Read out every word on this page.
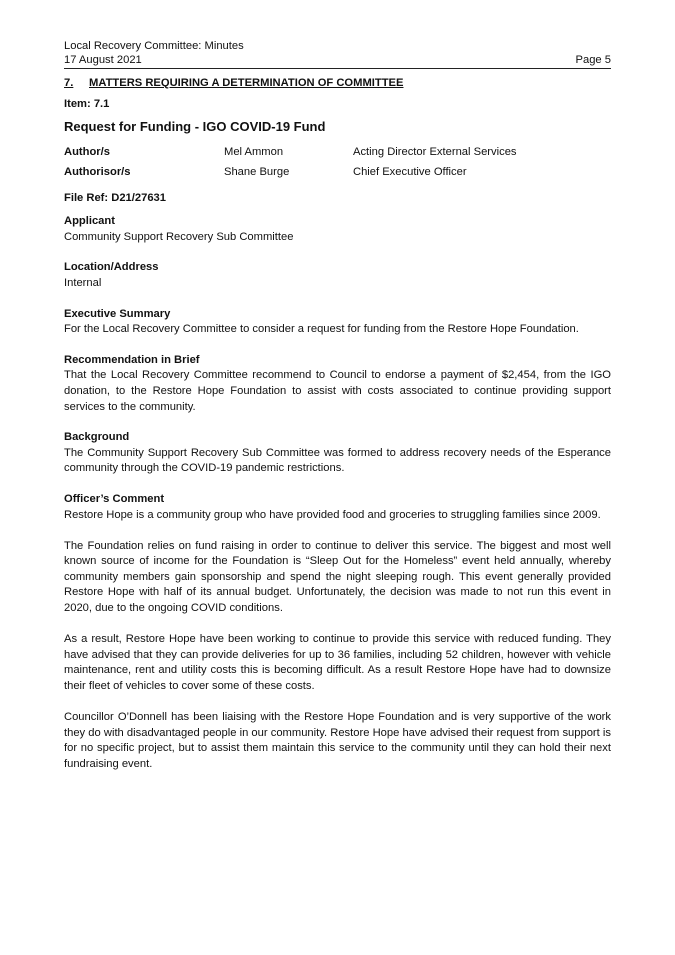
Local Recovery Committee: Minutes
17 August 2021	Page 5
7. MATTERS REQUIRING A DETERMINATION OF COMMITTEE
Item: 7.1
Request for Funding - IGO COVID-19 Fund
Author/s	Mel Ammon	Acting Director External Services
Authorisor/s	Shane Burge	Chief Executive Officer
File Ref: D21/27631
Applicant
Community Support Recovery Sub Committee
Location/Address
Internal
Executive Summary
For the Local Recovery Committee to consider a request for funding from the Restore Hope Foundation.
Recommendation in Brief
That the Local Recovery Committee recommend to Council to endorse a payment of $2,454, from the IGO donation, to the Restore Hope Foundation to assist with costs associated to continue providing support services to the community.
Background
The Community Support Recovery Sub Committee was formed to address recovery needs of the Esperance community through the COVID-19 pandemic restrictions.
Officer’s Comment

Restore Hope is a community group who have provided food and groceries to struggling families since 2009.

The Foundation relies on fund raising in order to continue to deliver this service. The biggest and most well known source of income for the Foundation is “Sleep Out for the Homeless” event held annually, whereby community members gain sponsorship and spend the night sleeping rough. This event generally provided Restore Hope with half of its annual budget. Unfortunately, the decision was made to not run this event in 2020, due to the ongoing COVID conditions.

As a result, Restore Hope have been working to continue to provide this service with reduced funding. They have advised that they can provide deliveries for up to 36 families, including 52 children, however with vehicle maintenance, rent and utility costs this is becoming difficult. As a result Restore Hope have had to downsize their fleet of vehicles to cover some of these costs.

Councillor O’Donnell has been liaising with the Restore Hope Foundation and is very supportive of the work they do with disadvantaged people in our community. Restore Hope have advised their request from support is for no specific project, but to assist them maintain this service to the community until they can hold their next fundraising event.
